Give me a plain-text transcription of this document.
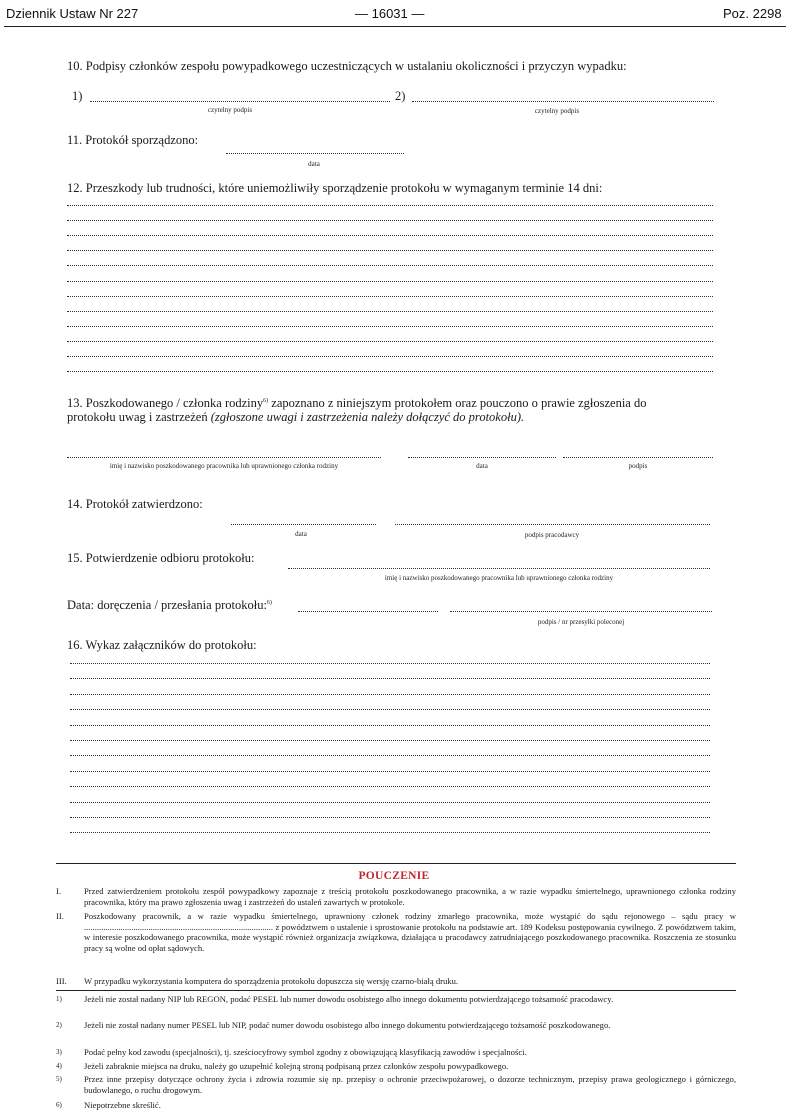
Dziennik Ustaw Nr 227	— 16031 —	Poz. 2298
10. Podpisy członków zespołu powypadkowego uczestniczących w ustalaniu okoliczności i przyczyn wypadku:
1)	2)
czytelny podpis	czytelny podpis
11. Protokół sporządzono:
data
12. Przeszkody lub trudności, które uniemożliwiły sporządzenie protokołu w wymaganym terminie 14 dni:
13. Poszkodowanego / członka rodziny$^{6)}$ zapoznano z niniejszym protokołem oraz pouczono o prawie zgłoszenia do
protokołu uwag i zastrzeżeń (zgłoszone uwagi i zastrzeżenia należy dołączyć do protokołu).
imię i nazwisko poszkodowanego pracownika lub uprawnionego członka rodziny	data	podpis
14. Protokół zatwierdzono:
data	podpis pracodawcy
15. Potwierdzenie odbioru protokołu:
imię i nazwisko poszkodowanego pracownika lub uprawnionego członka rodziny
Data: doręczenia / przesłania protokołu:$^{6)}$
podpis / nr przesyłki poleconej
16. Wykaz załączników do protokołu:
POUCZENIE
I.	Przed zatwierdzeniem protokołu zespół powypadkowy zapoznaje z treścią protokołu poszkodowanego pracownika, a w razie wypadku śmiertelnego, uprawnionego członka rodziny pracownika, który ma prawo zgłoszenia uwag i zastrzeżeń do ustaleń zawartych w protokole.
II. Poszkodowany pracownik, a w razie wypadku śmiertelnego, uprawniony członek rodziny zmarłego pracownika, może wystąpić do sądu rejonowego – sądu pracy w ........................................................................................ z powództwem o ustalenie i sprostowanie protokołu na podstawie art. 189 Kodeksu postępowania cywilnego. Z powództwem takim, w interesie poszkodowanego pracownika, może wystąpić również organizacja związkowa, działająca u pracodawcy zatrudniającego poszkodowanego pracownika. Roszczenia ze stosunku pracy są wolne od opłat sądowych.
III. W przypadku wykorzystania komputera do sporządzenia protokołu dopuszcza się wersję czarno-białą druku.
1)	Jeżeli nie został nadany NIP lub REGON, podać PESEL lub numer dowodu osobistego albo innego dokumentu potwierdzającego tożsamość pracodawcy.
2)	Jeżeli nie został nadany numer PESEL lub NIP, podać numer dowodu osobistego albo innego dokumentu potwierdzającego tożsamość poszkodowanego.
3)	Podać pełny kod zawodu (specjalności), tj. sześciocyfrowy symbol zgodny z obowiązującą klasyfikacją zawodów i specjalności.
4)	Jeżeli zabraknie miejsca na druku, należy go uzupełnić kolejną stroną podpisaną przez członków zespołu powypadkowego.
5)	Przez inne przepisy dotyczące ochrony życia i zdrowia rozumie się np. przepisy o ochronie przeciwpożarowej, o dozorze technicznym, przepisy prawa geologicznego i górniczego, budowlanego, o ruchu drogowym.
6)	Niepotrzebne skreślić.
